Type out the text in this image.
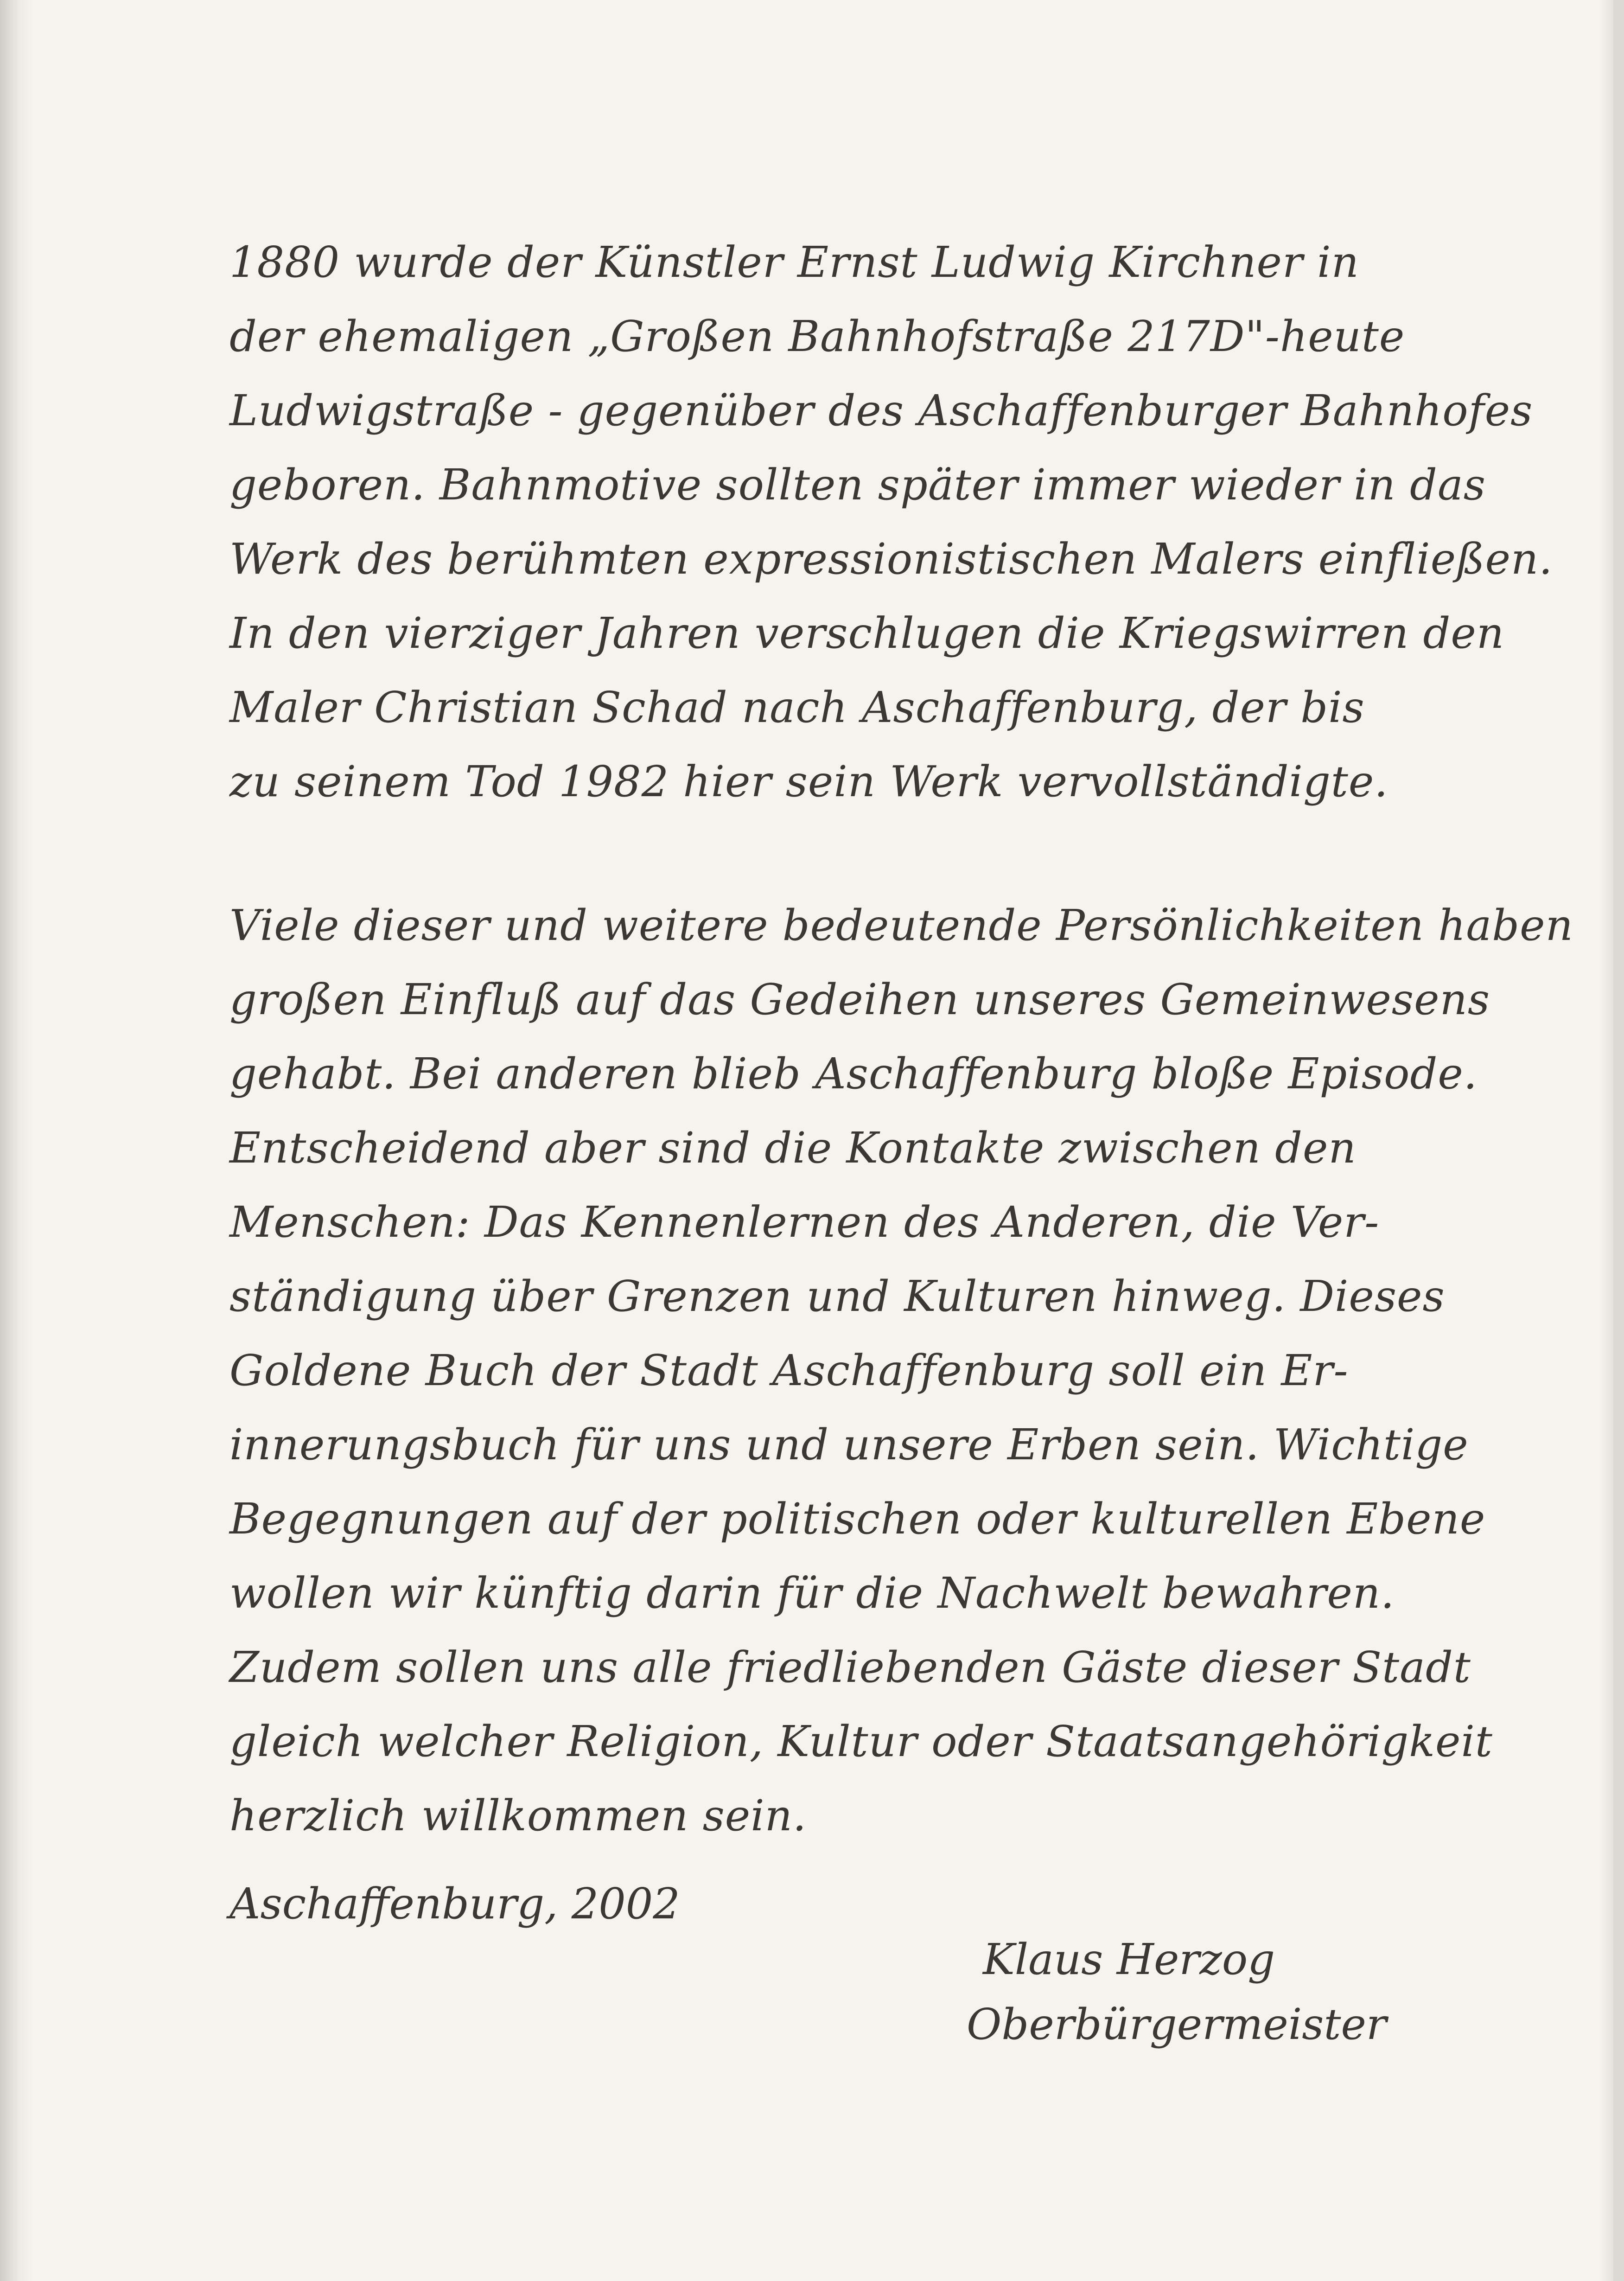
1880 wurde der Künstler Ernst Ludwig Kirchner in
der ehemaligen „Großen Bahnhofstraße 217D"-heute
Ludwigstraße - gegenüber des Aschaffenburger Bahnhofes
geboren. Bahnmotive sollten später immer wieder in das
Werk des berühmten expressionistischen Malers einfließen.
In den vierziger Jahren verschlugen die Kriegswirren den
Maler Christian Schad nach Aschaffenburg, der bis
zu seinem Tod 1982 hier sein Werk vervollständigte.
Viele dieser und weitere bedeutende Persönlichkeiten haben
großen Einfluß auf das Gedeihen unseres Gemeinwesens
gehabt. Bei anderen blieb Aschaffenburg bloße Episode.
Entscheidend aber sind die Kontakte zwischen den
Menschen: Das Kennenlernen des Anderen, die Ver-
ständigung über Grenzen und Kulturen hinweg. Dieses
Goldene Buch der Stadt Aschaffenburg soll ein Er-
innerungsbuch für uns und unsere Erben sein. Wichtige
Begegnungen auf der politischen oder kulturellen Ebene
wollen wir künftig darin für die Nachwelt bewahren.
Zudem sollen uns alle friedliebenden Gäste dieser Stadt
gleich welcher Religion, Kultur oder Staatsangehörigkeit
herzlich willkommen sein.
Aschaffenburg, 2002
Klaus Herzog
Oberbürgermeister
